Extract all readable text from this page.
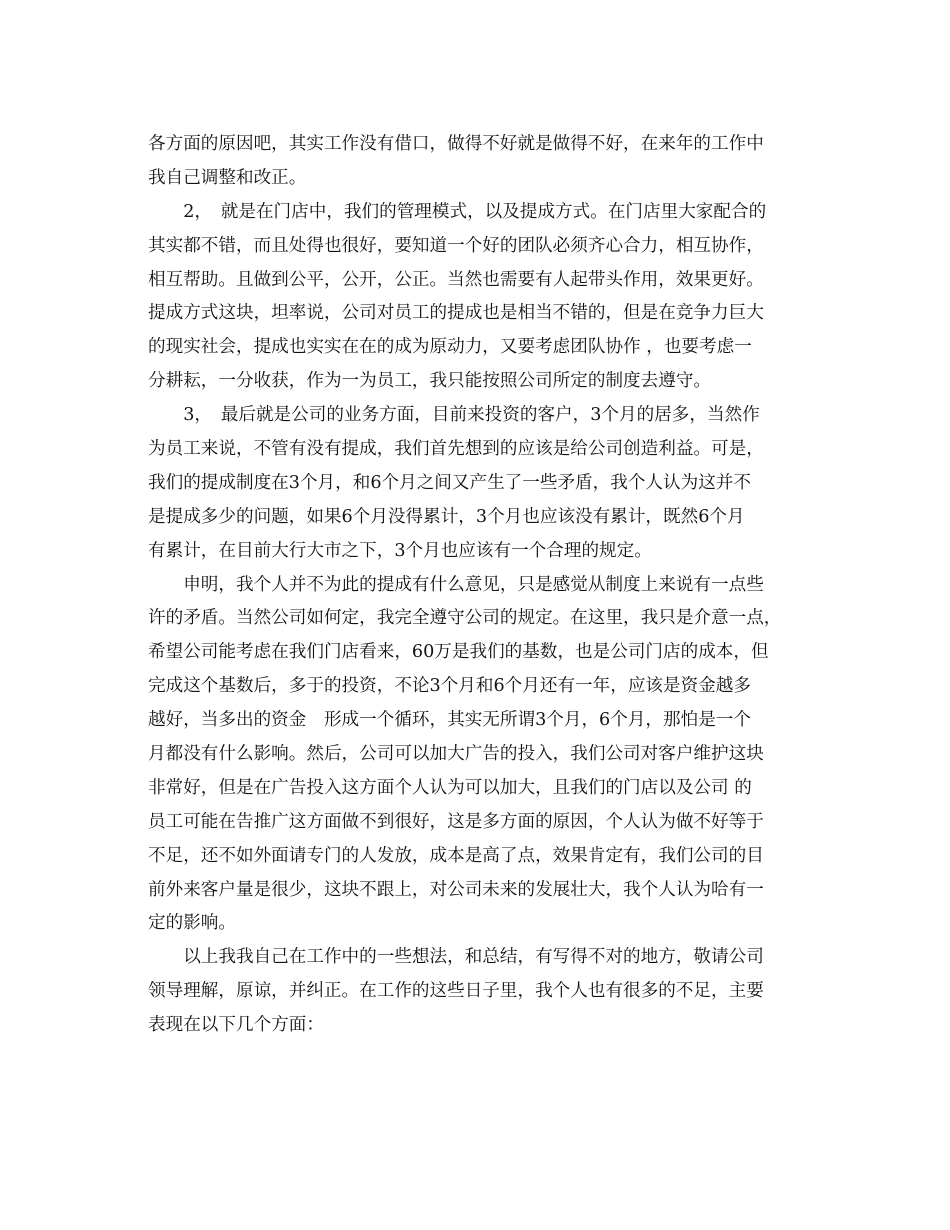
各方面的原因吧，其实工作没有借口，做得不好就是做得不好，在来年的工作中
我自己调整和改正。
　　2，　就是在门店中，我们的管理模式，以及提成方式。在门店里大家配合的
其实都不错，而且处得也很好，要知道一个好的团队必须齐心合力，相互协作，
相互帮助。且做到公平，公开，公正。当然也需要有人起带头作用，效果更好。
提成方式这块，坦率说，公司对员工的提成也是相当不错的，但是在竞争力巨大
的现实社会，提成也实实在在的成为原动力，又要考虑团队协作 ，也要考虑一
分耕耘，一分收获，作为一为员工，我只能按照公司所定的制度去遵守。
　　3，　最后就是公司的业务方面，目前来投资的客户，3个月的居多，当然作
为员工来说，不管有没有提成，我们首先想到的应该是给公司创造利益。可是，
我们的提成制度在3个月，和6个月之间又产生了一些矛盾，我个人认为这并不
是提成多少的问题，如果6个月没得累计，3个月也应该没有累计，既然6个月
有累计，在目前大行大市之下，3个月也应该有一个合理的规定。
　　申明，我个人并不为此的提成有什么意见，只是感觉从制度上来说有一点些
许的矛盾。当然公司如何定，我完全遵守公司的规定。在这里，我只是介意一点，
希望公司能考虑在我们门店看来，60万是我们的基数，也是公司门店的成本，但
完成这个基数后，多于的投资，不论3个月和6个月还有一年，应该是资金越多
越好，当多出的资金　形成一个循环，其实无所谓3个月，6个月，那怕是一个
月都没有什么影响。然后，公司可以加大广告的投入，我们公司对客户维护这块
非常好，但是在广告投入这方面个人认为可以加大，且我们的门店以及公司 的
员工可能在告推广这方面做不到很好，这是多方面的原因，个人认为做不好等于
不足，还不如外面请专门的人发放，成本是高了点，效果肯定有，我们公司的目
前外来客户量是很少，这块不跟上，对公司未来的发展壮大，我个人认为哈有一
定的影响。
　　以上我我自己在工作中的一些想法，和总结，有写得不对的地方，敬请公司
领导理解，原谅，并纠正。在工作的这些日子里，我个人也有很多的不足，主要
表现在以下几个方面：
